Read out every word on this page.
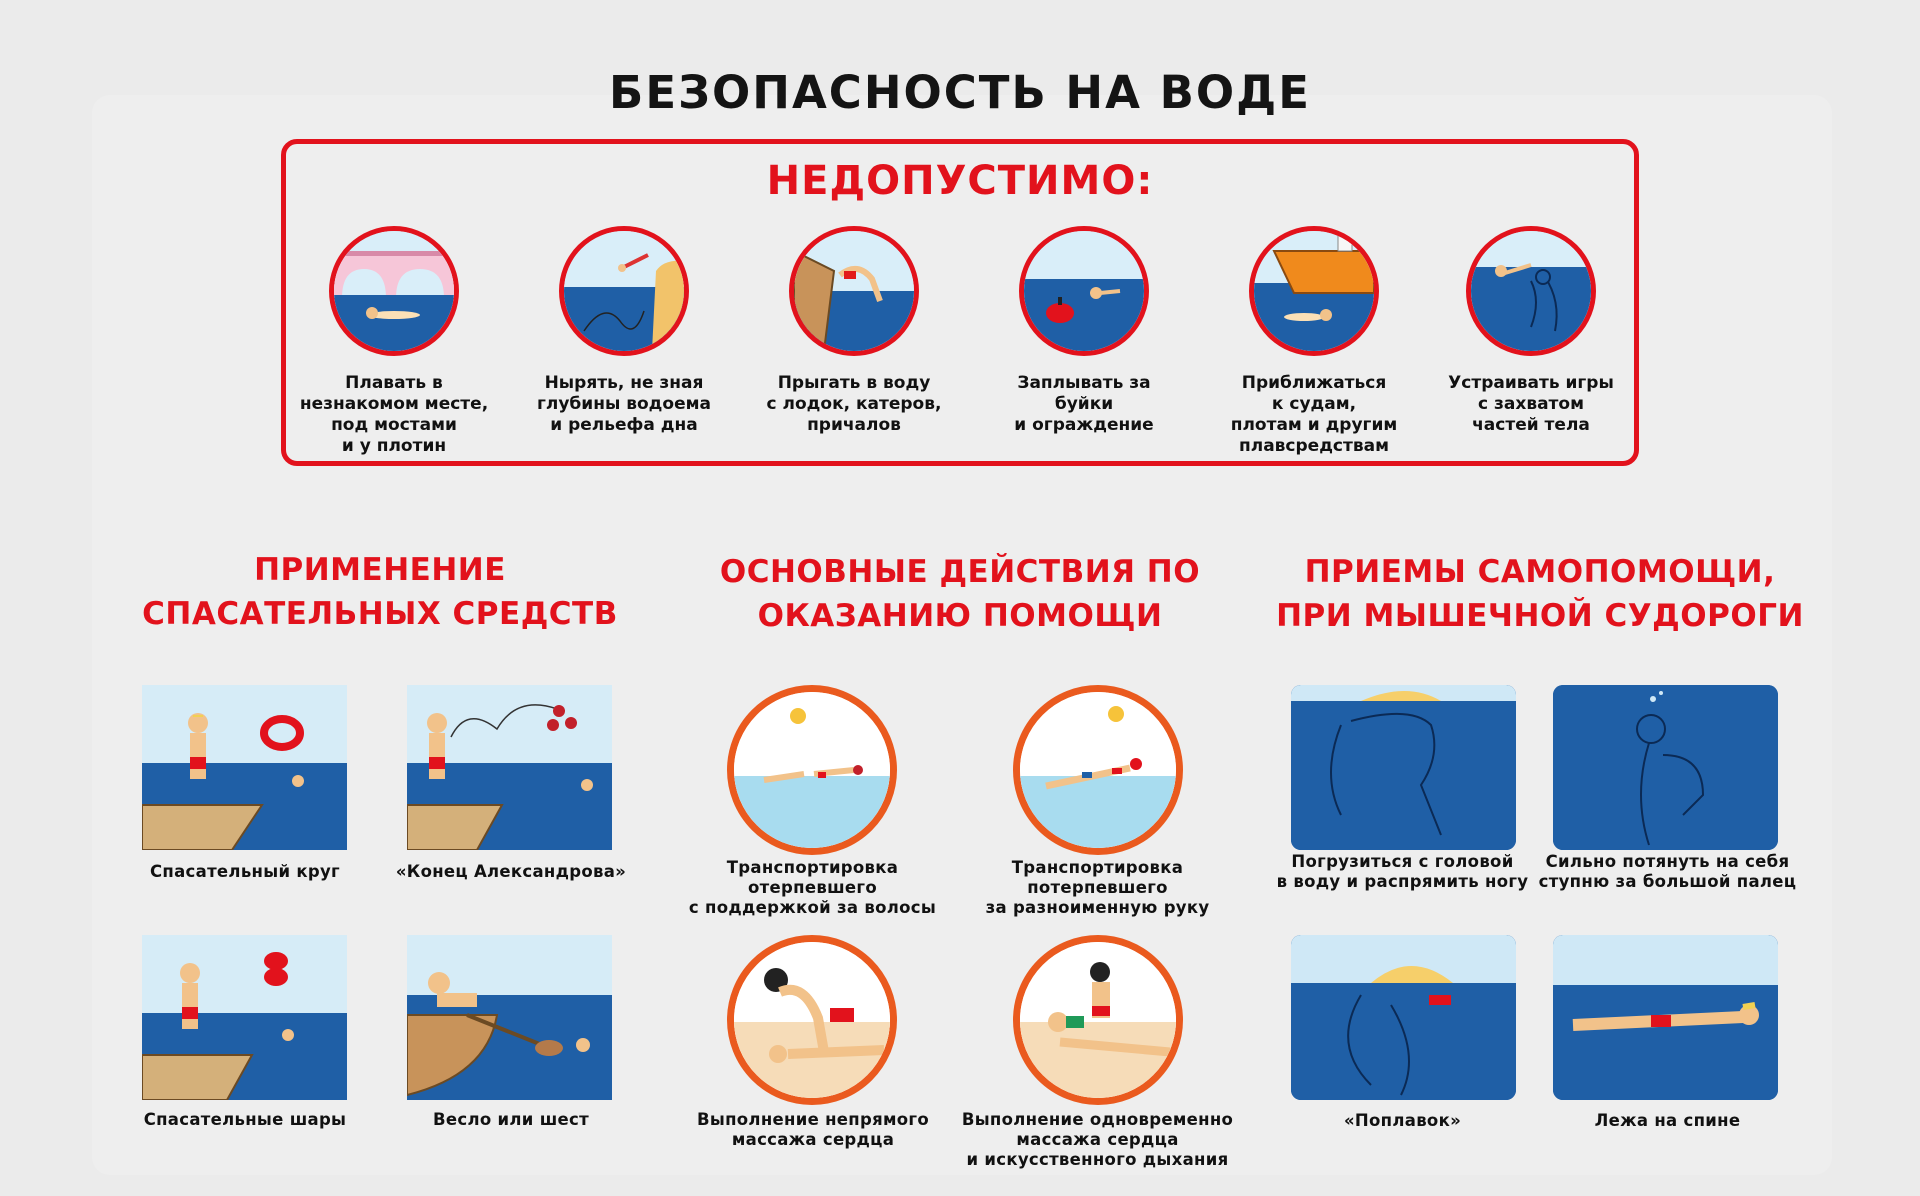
БЕЗОПАСНОСТЬ НА ВОДЕ
НЕДОПУСТИМО:
Плавать в
незнакомом месте,
под мостами
и у плотин
Нырять, не зная
глубины водоема
и рельефа дна
Прыгать в воду
с лодок, катеров,
причалов
Заплывать за
буйки
и ограждение
Приближаться
к судам,
плотам и другим
плавсредствам
Устраивать игры
с захватом
частей тела
ПРИМЕНЕНИЕ
СПАСАТЕЛЬНЫХ СРЕДСТВ
ОСНОВНЫЕ ДЕЙСТВИЯ ПО
ОКАЗАНИЮ ПОМОЩИ
ПРИЕМЫ САМОПОМОЩИ,
ПРИ МЫШЕЧНОЙ СУДОРОГИ
Спасательный круг	«Конец Александрова»
Спасательные шары	Весло или шест
Транспортировка
отерпевшего
с поддержкой за волосы
Транспортировка
потерпевшего
за разноименную руку
Выполнение непрямого
массажа сердца
Выполнение одновременно
массажа сердца
и искусственного дыхания
Погрузиться с головой
в воду и распрямить ногу
Сильно потянуть на себя
ступню за большой палец
«Поплавок»	Лежа на спине
